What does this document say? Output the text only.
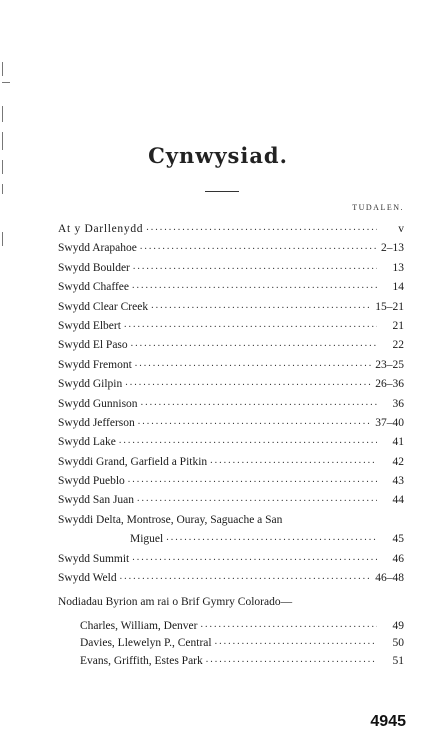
Cynwysiad.
TUDALEN.
At y Darllenydd .....	v
Swydd Arapahoe .....	2–13
Swydd Boulder .....	13
Swydd Chaffee .....	14
Swydd Clear Creek .....	15–21
Swydd Elbert .....	21
Swydd El Paso .....	22
Swydd Fremont .....	23–25
Swydd Gilpin .....	26–36
Swydd Gunnison .....	36
Swydd Jefferson .....	37–40
Swydd Lake .....	41
Swyddi Grand, Garfield a Pitkin .....	42
Swydd Pueblo .....	43
Swydd San Juan .....	44
Swyddi Delta, Montrose, Ouray, Saguache a San
Miguel .....	45
Swydd Summit .....	46
Swydd Weld .....	46–48
Nodiadau Byrion am rai o Brif Gymry Colorado—
Charles, William, Denver .....	49
Davies, Llewelyn P., Central .....	50
Evans, Griffith, Estes Park .....	51
4945
